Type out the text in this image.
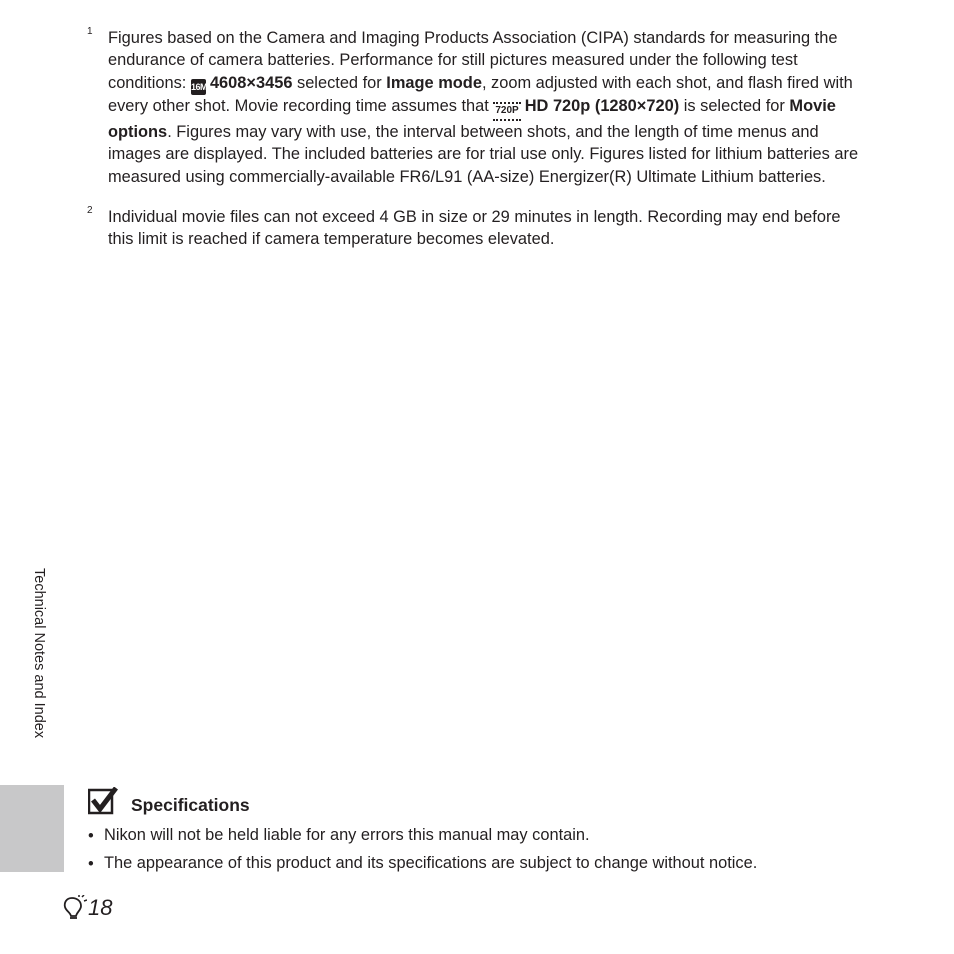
1 Figures based on the Camera and Imaging Products Association (CIPA) standards for measuring the endurance of camera batteries. Performance for still pictures measured under the following test conditions: 16M 4608×3456 selected for Image mode, zoom adjusted with each shot, and flash fired with every other shot. Movie recording time assumes that 720P HD 720p (1280×720) is selected for Movie options. Figures may vary with use, the interval between shots, and the length of time menus and images are displayed. The included batteries are for trial use only. Figures listed for lithium batteries are measured using commercially-available FR6/L91 (AA-size) Energizer(R) Ultimate Lithium batteries.
2 Individual movie files can not exceed 4 GB in size or 29 minutes in length. Recording may end before this limit is reached if camera temperature becomes elevated.
Technical Notes and Index
Specifications
• Nikon will not be held liable for any errors this manual may contain.
• The appearance of this product and its specifications are subject to change without notice.
18
